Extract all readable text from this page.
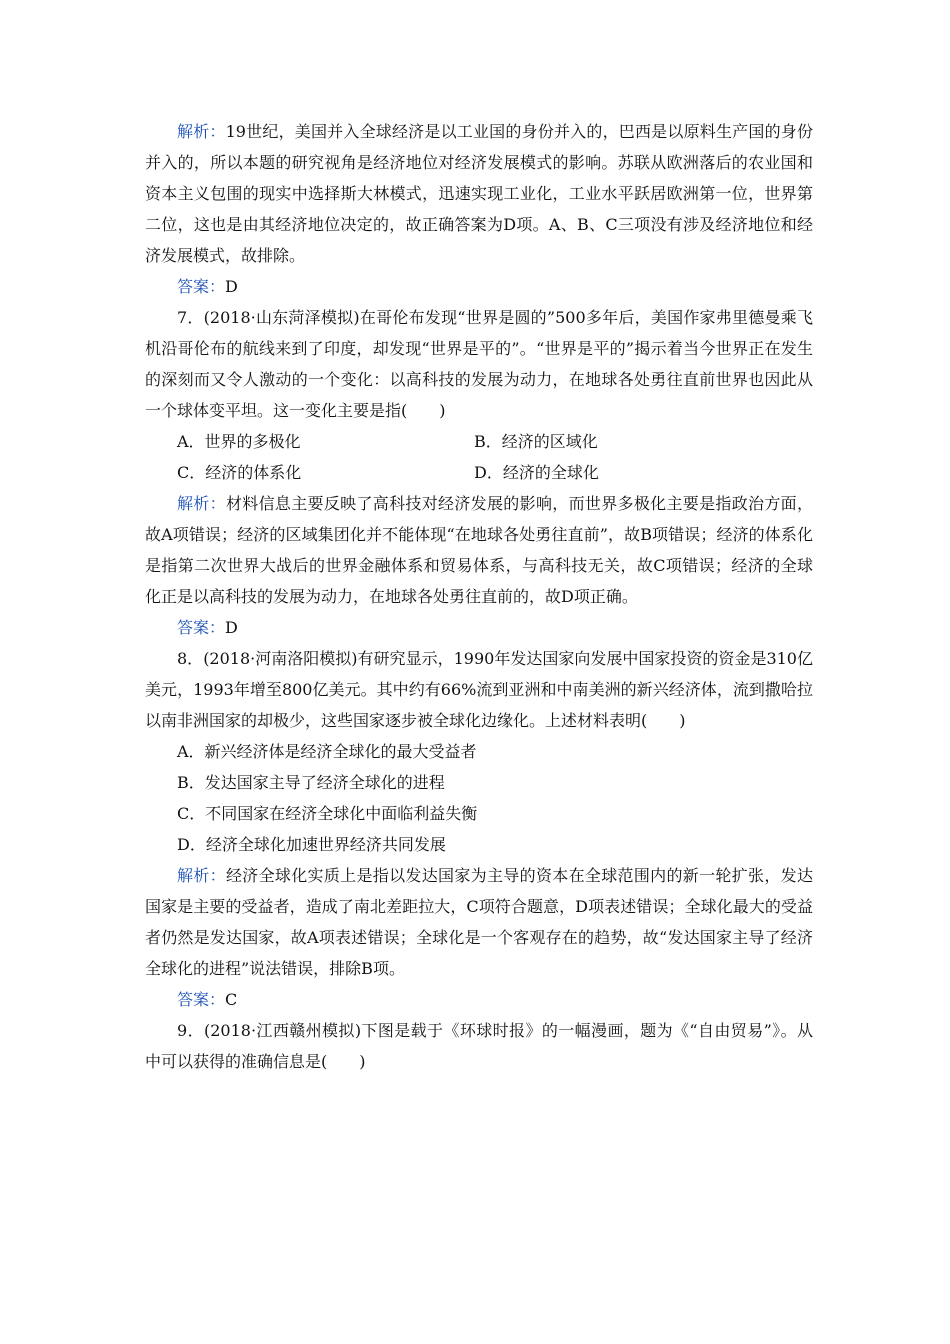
解析：19世纪，美国并入全球经济是以工业国的身份并入的，巴西是以原料生产国的身份并入的，所以本题的研究视角是经济地位对经济发展模式的影响。苏联从欧洲落后的农业国和资本主义包围的现实中选择斯大林模式，迅速实现工业化，工业水平跃居欧洲第一位，世界第二位，这也是由其经济地位决定的，故正确答案为D项。A、B、C三项没有涉及经济地位和经济发展模式，故排除。

答案：D

7．(2018·山东菏泽模拟)在哥伦布发现“世界是圆的”500多年后，美国作家弗里德曼乘飞机沿哥伦布的航线来到了印度，却发现“世界是平的”。“世界是平的”揭示着当今世界正在发生的深刻而又令人激动的一个变化：以高科技的发展为动力，在地球各处勇往直前世界也因此从一个球体变平坦。这一变化主要是指(　　)

A．世界的多极化	B．经济的区域化
C．经济的体系化	D．经济的全球化

解析：材料信息主要反映了高科技对经济发展的影响，而世界多极化主要是指政治方面，故A项错误；经济的区域集团化并不能体现“在地球各处勇往直前”，故B项错误；经济的体系化是指第二次世界大战后的世界金融体系和贸易体系，与高科技无关，故C项错误；经济的全球化正是以高科技的发展为动力，在地球各处勇往直前的，故D项正确。

答案：D

8．(2018·河南洛阳模拟)有研究显示，1990年发达国家向发展中国家投资的资金是310亿美元，1993年增至800亿美元。其中约有66%流到亚洲和中南美洲的新兴经济体，流到撒哈拉以南非洲国家的却极少，这些国家逐步被全球化边缘化。上述材料表明(　　)

A．新兴经济体是经济全球化的最大受益者
B．发达国家主导了经济全球化的进程
C．不同国家在经济全球化中面临利益失衡
D．经济全球化加速世界经济共同发展

解析：经济全球化实质上是指以发达国家为主导的资本在全球范围内的新一轮扩张，发达国家是主要的受益者，造成了南北差距拉大，C项符合题意，D项表述错误；全球化最大的受益者仍然是发达国家，故A项表述错误；全球化是一个客观存在的趋势，故“发达国家主导了经济全球化的进程”说法错误，排除B项。

答案：C

9．(2018·江西赣州模拟)下图是载于《环球时报》的一幅漫画，题为《“自由贸易”》。从中可以获得的准确信息是(　　)
